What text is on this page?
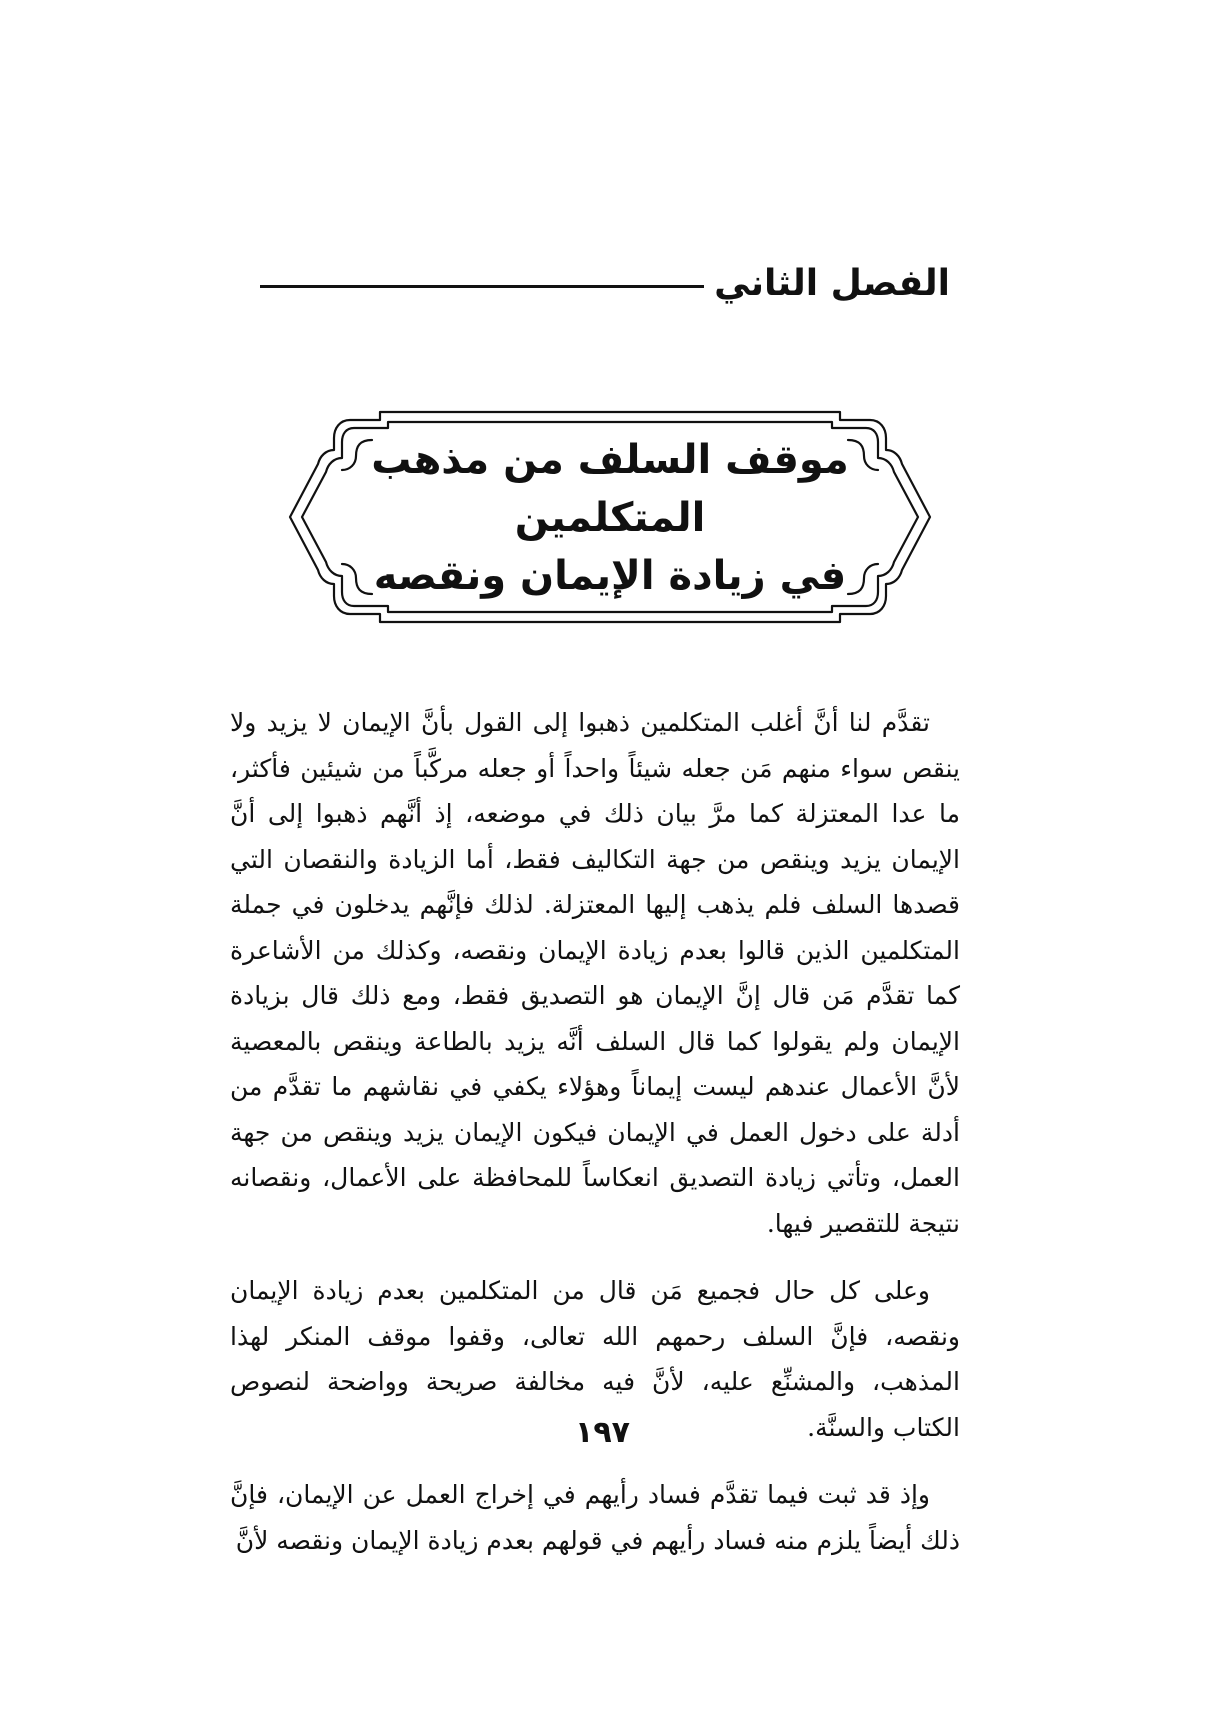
الفصل الثاني
موقف السلف من مذهب المتكلمين
في زيادة الإيمان ونقصه

تقدَّم لنا أنَّ أغلب المتكلمين ذهبوا إلى القول بأنَّ الإيمان لا يزيد ولا ينقص سواء منهم مَن جعله شيئاً واحداً أو جعله مركَّباً من شيئين فأكثر، ما عدا المعتزلة كما مرَّ بيان ذلك في موضعه، إذ أنَّهم ذهبوا إلى أنَّ الإيمان يزيد وينقص من جهة التكاليف فقط، أما الزيادة والنقصان التي قصدها السلف فلم يذهب إليها المعتزلة. لذلك فإنَّهم يدخلون في جملة المتكلمين الذين قالوا بعدم زيادة الإيمان ونقصه، وكذلك من الأشاعرة كما تقدَّم مَن قال إنَّ الإيمان هو التصديق فقط، ومع ذلك قال بزيادة الإيمان ولم يقولوا كما قال السلف أنَّه يزيد بالطاعة وينقص بالمعصية لأنَّ الأعمال عندهم ليست إيماناً وهؤلاء يكفي في نقاشهم ما تقدَّم من أدلة على دخول العمل في الإيمان فيكون الإيمان يزيد وينقص من جهة العمل، وتأتي زيادة التصديق انعكاساً للمحافظة على الأعمال، ونقصانه نتيجة للتقصير فيها.

وعلى كل حال فجميع مَن قال من المتكلمين بعدم زيادة الإيمان ونقصه، فإنَّ السلف رحمهم الله تعالى، وقفوا موقف المنكر لهذا المذهب، والمشنِّع عليه، لأنَّ فيه مخالفة صريحة وواضحة لنصوص الكتاب والسنَّة.

وإذ قد ثبت فيما تقدَّم فساد رأيهم في إخراج العمل عن الإيمان، فإنَّ ذلك أيضاً يلزم منه فساد رأيهم في قولهم بعدم زيادة الإيمان ونقصه لأنَّ

١٩٧
